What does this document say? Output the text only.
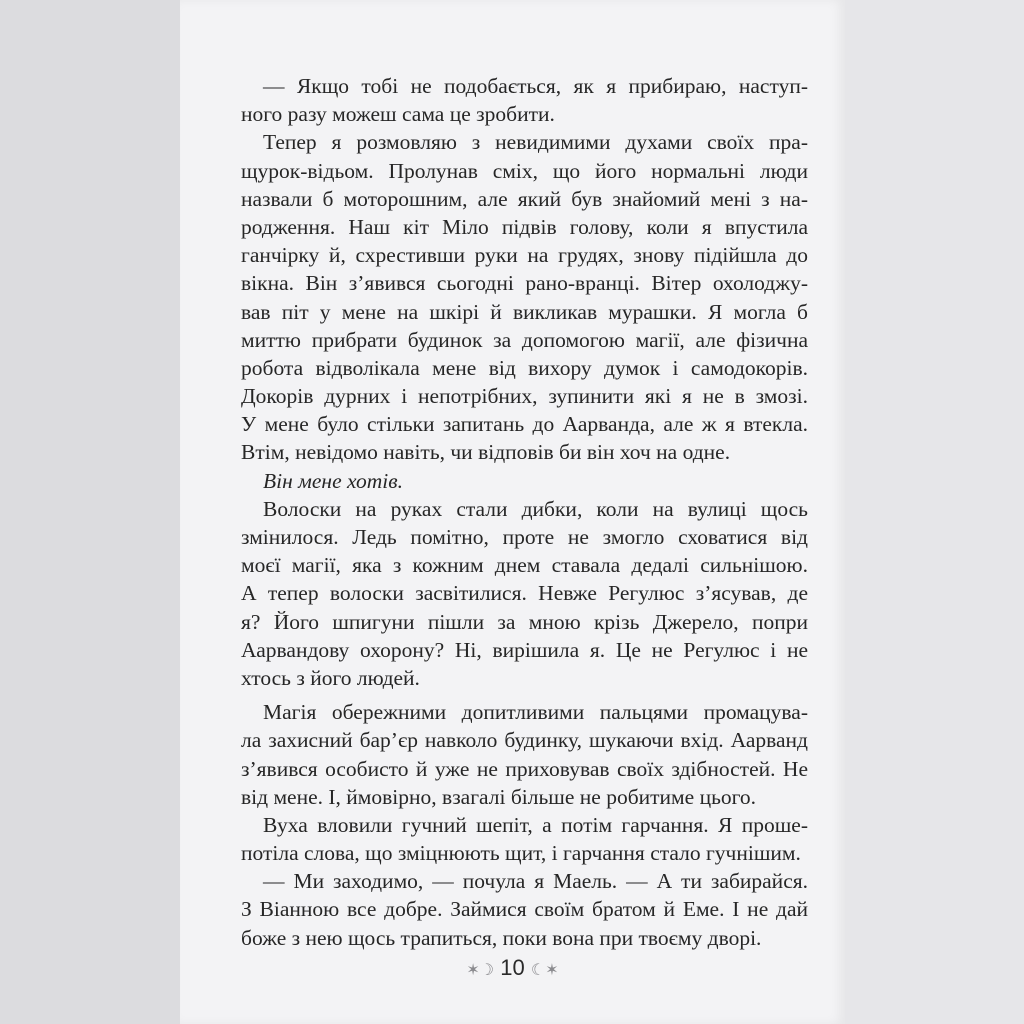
— Якщо тобі не подобається, як я прибираю, наступ-
ного разу можеш сама це зробити.
Тепер я розмовляю з невидимими духами своїх пра-
щурок-відьом. Пролунав сміх, що його нормальні люди
назвали б моторошним, але який був знайомий мені з на-
родження. Наш кіт Міло підвів голову, коли я впустила
ганчірку й, схрестивши руки на грудях, знову підійшла до
вікна. Він з’явився сьогодні рано-вранці. Вітер охолоджу-
вав піт у мене на шкірі й викликав мурашки. Я могла б
миттю прибрати будинок за допомогою магії, але фізична
робота відволікала мене від вихору думок і самодокорів.
Докорів дурних і непотрібних, зупинити які я не в змозі.
У мене було стільки запитань до Аарванда, але ж я втекла.
Втім, невідомо навіть, чи відповів би він хоч на одне.
Він мене хотів.
Волоски на руках стали дибки, коли на вулиці щось
змінилося. Ледь помітно, проте не змогло сховатися від
моєї магії, яка з кожним днем ставала дедалі сильнішою.
А тепер волоски засвітилися. Невже Регулюс з’ясував, де
я? Його шпигуни пішли за мною крізь Джерело, попри
Аарвандову охорону? Ні, вирішила я. Це не Регулюс і не
хтось з його людей.
Магія обережними допитливими пальцями промацува-
ла захисний бар’єр навколо будинку, шукаючи вхід. Аарванд
з’явився особисто й уже не приховував своїх здібностей. Не
від мене. І, ймовірно, взагалі більше не робитиме цього.
Вуха вловили гучний шепіт, а потім гарчання. Я проше-
потіла слова, що зміцнюють щит, і гарчання стало гучнішим.
— Ми заходимо, — почула я Маель. — А ти забирайся.
З Віанною все добре. Займися своїм братом й Еме. І не дай
боже з нею щось трапиться, поки вона при твоєму дворі.
✶☽ 10 ☾✶
